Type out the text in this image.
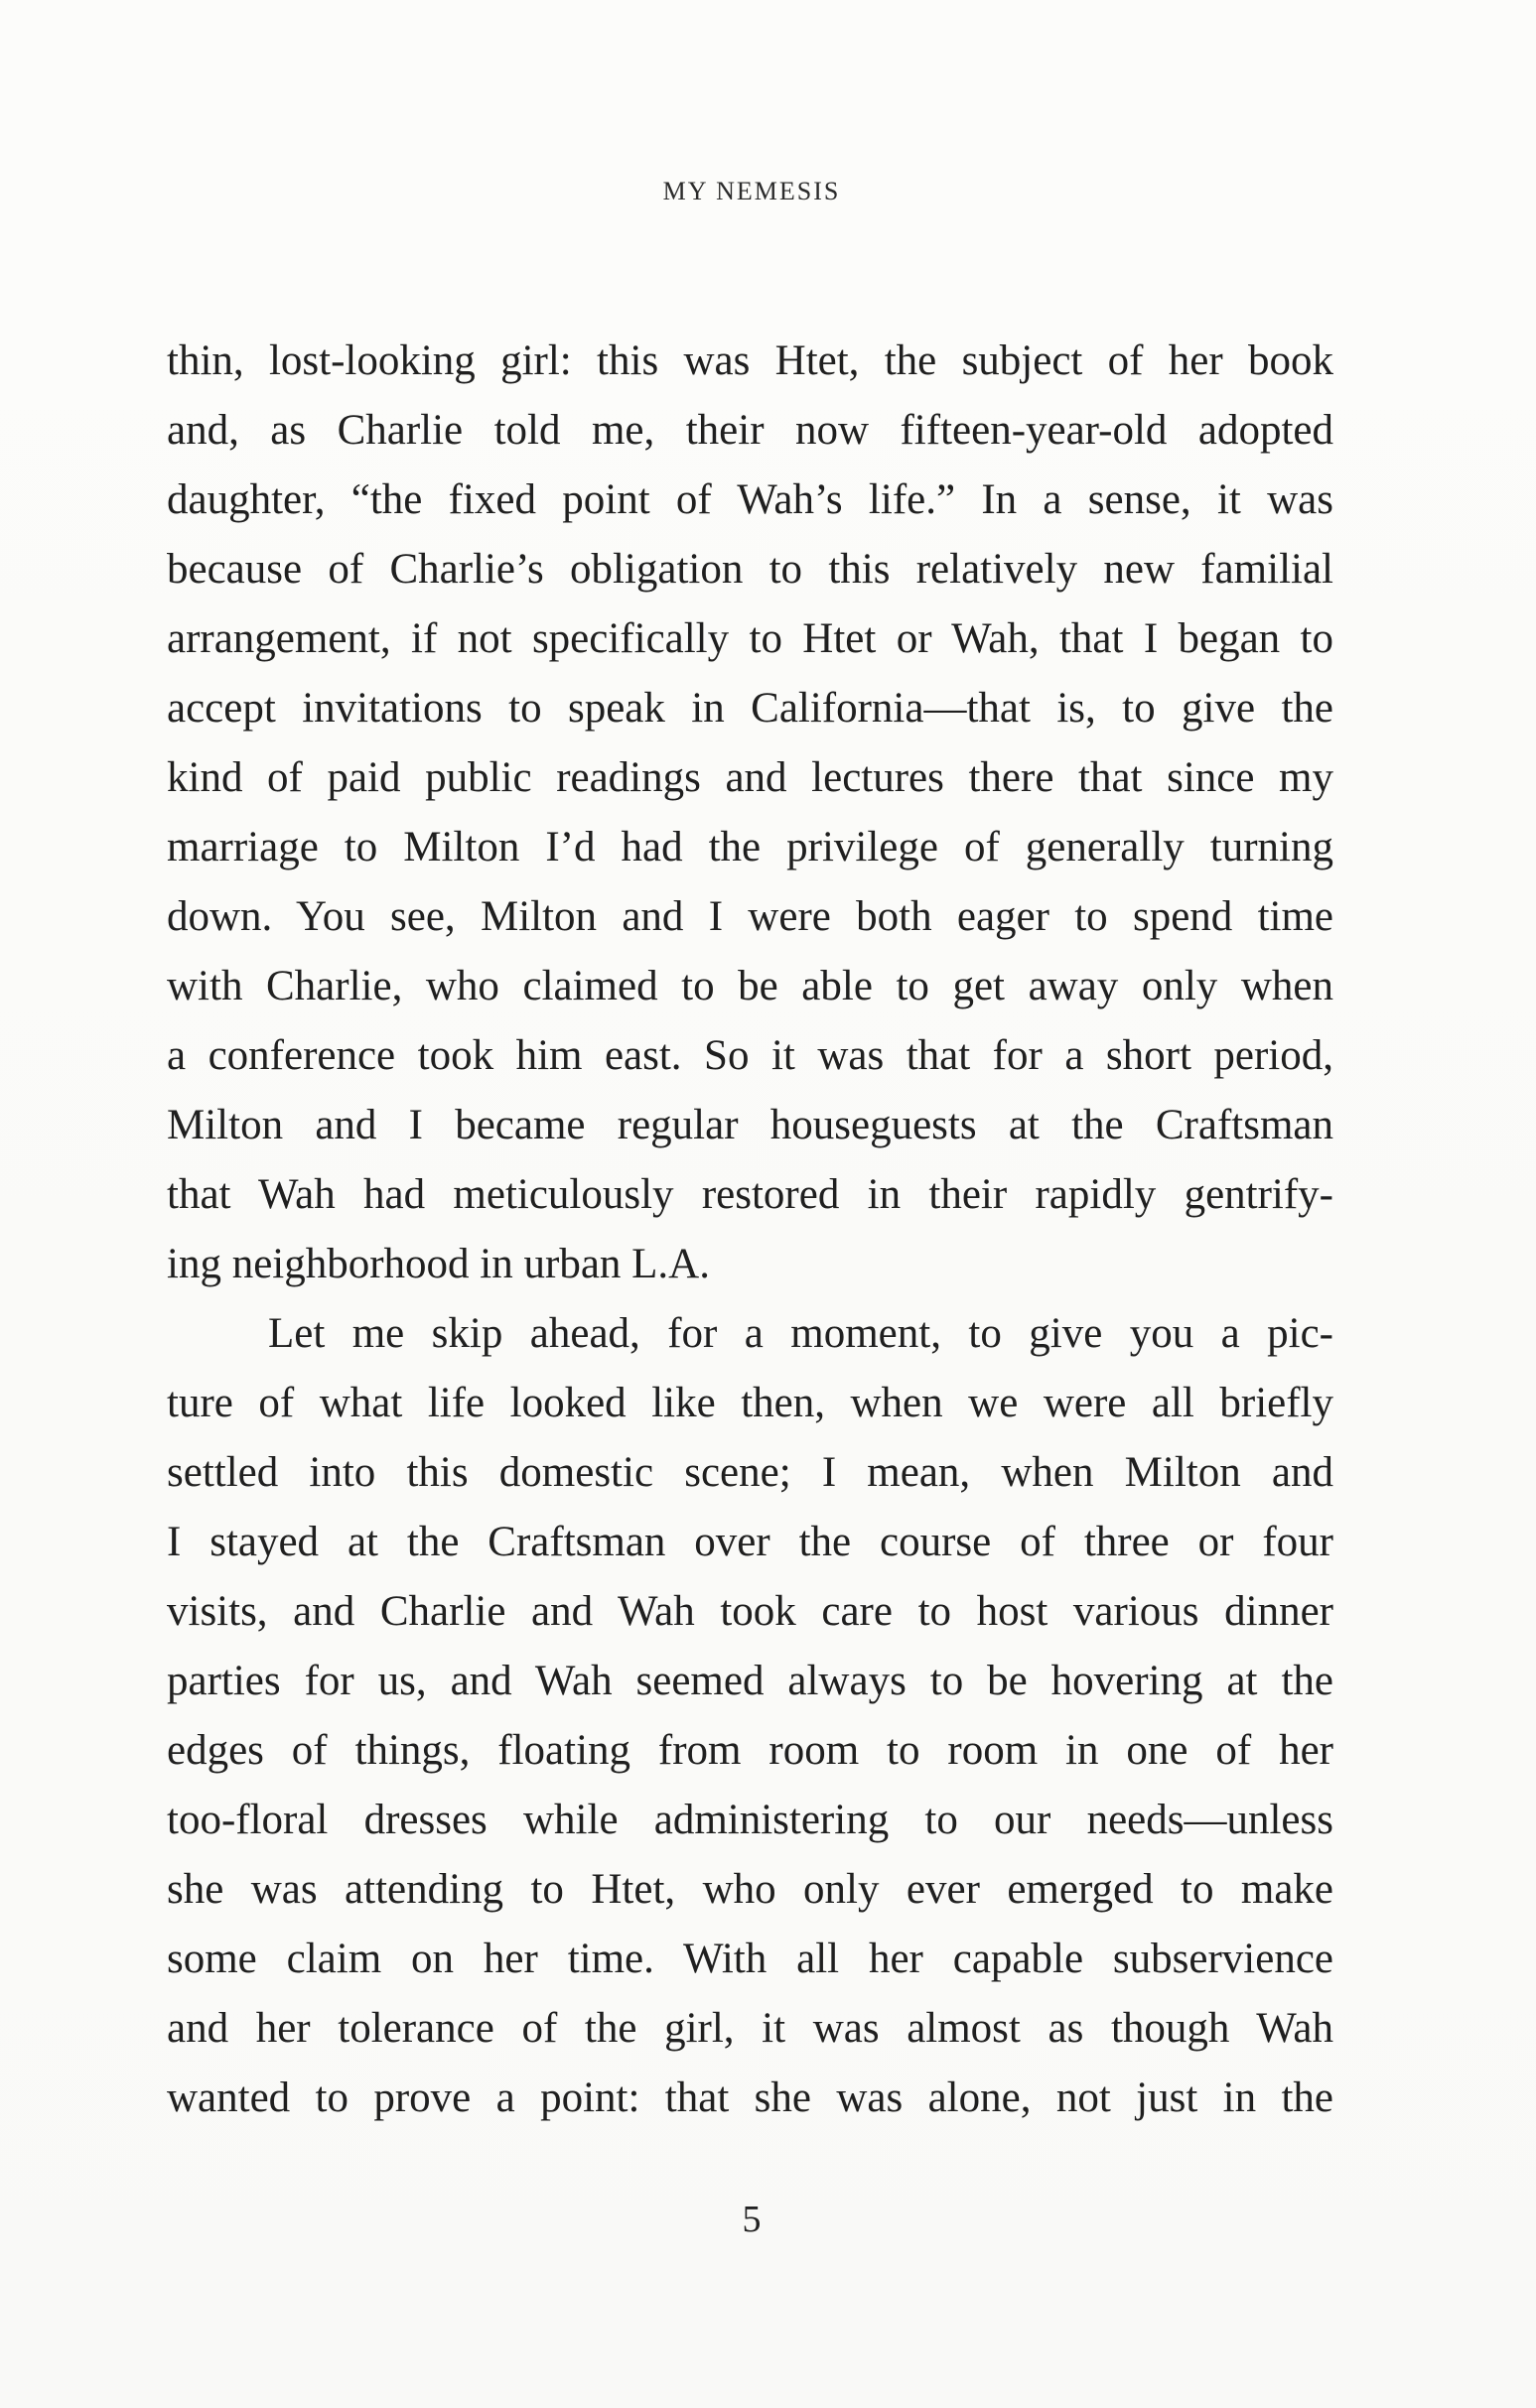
MY NEMESIS
thin, lost-looking girl: this was Htet, the subject of her book
and, as Charlie told me, their now fifteen-year-old adopted
daughter, “the fixed point of Wah’s life.” In a sense, it was
because of Charlie’s obligation to this relatively new familial
arrangement, if not specifically to Htet or Wah, that I began to
accept invitations to speak in California—that is, to give the
kind of paid public readings and lectures there that since my
marriage to Milton I’d had the privilege of generally turning
down. You see, Milton and I were both eager to spend time
with Charlie, who claimed to be able to get away only when
a conference took him east. So it was that for a short period,
Milton and I became regular houseguests at the Craftsman
that Wah had meticulously restored in their rapidly gentrify-
ing neighborhood in urban L.A.
Let me skip ahead, for a moment, to give you a pic-
ture of what life looked like then, when we were all briefly
settled into this domestic scene; I mean, when Milton and
I stayed at the Craftsman over the course of three or four
visits, and Charlie and Wah took care to host various dinner
parties for us, and Wah seemed always to be hovering at the
edges of things, floating from room to room in one of her
too-floral dresses while administering to our needs—unless
she was attending to Htet, who only ever emerged to make
some claim on her time. With all her capable subservience
and her tolerance of the girl, it was almost as though Wah
wanted to prove a point: that she was alone, not just in the
5
